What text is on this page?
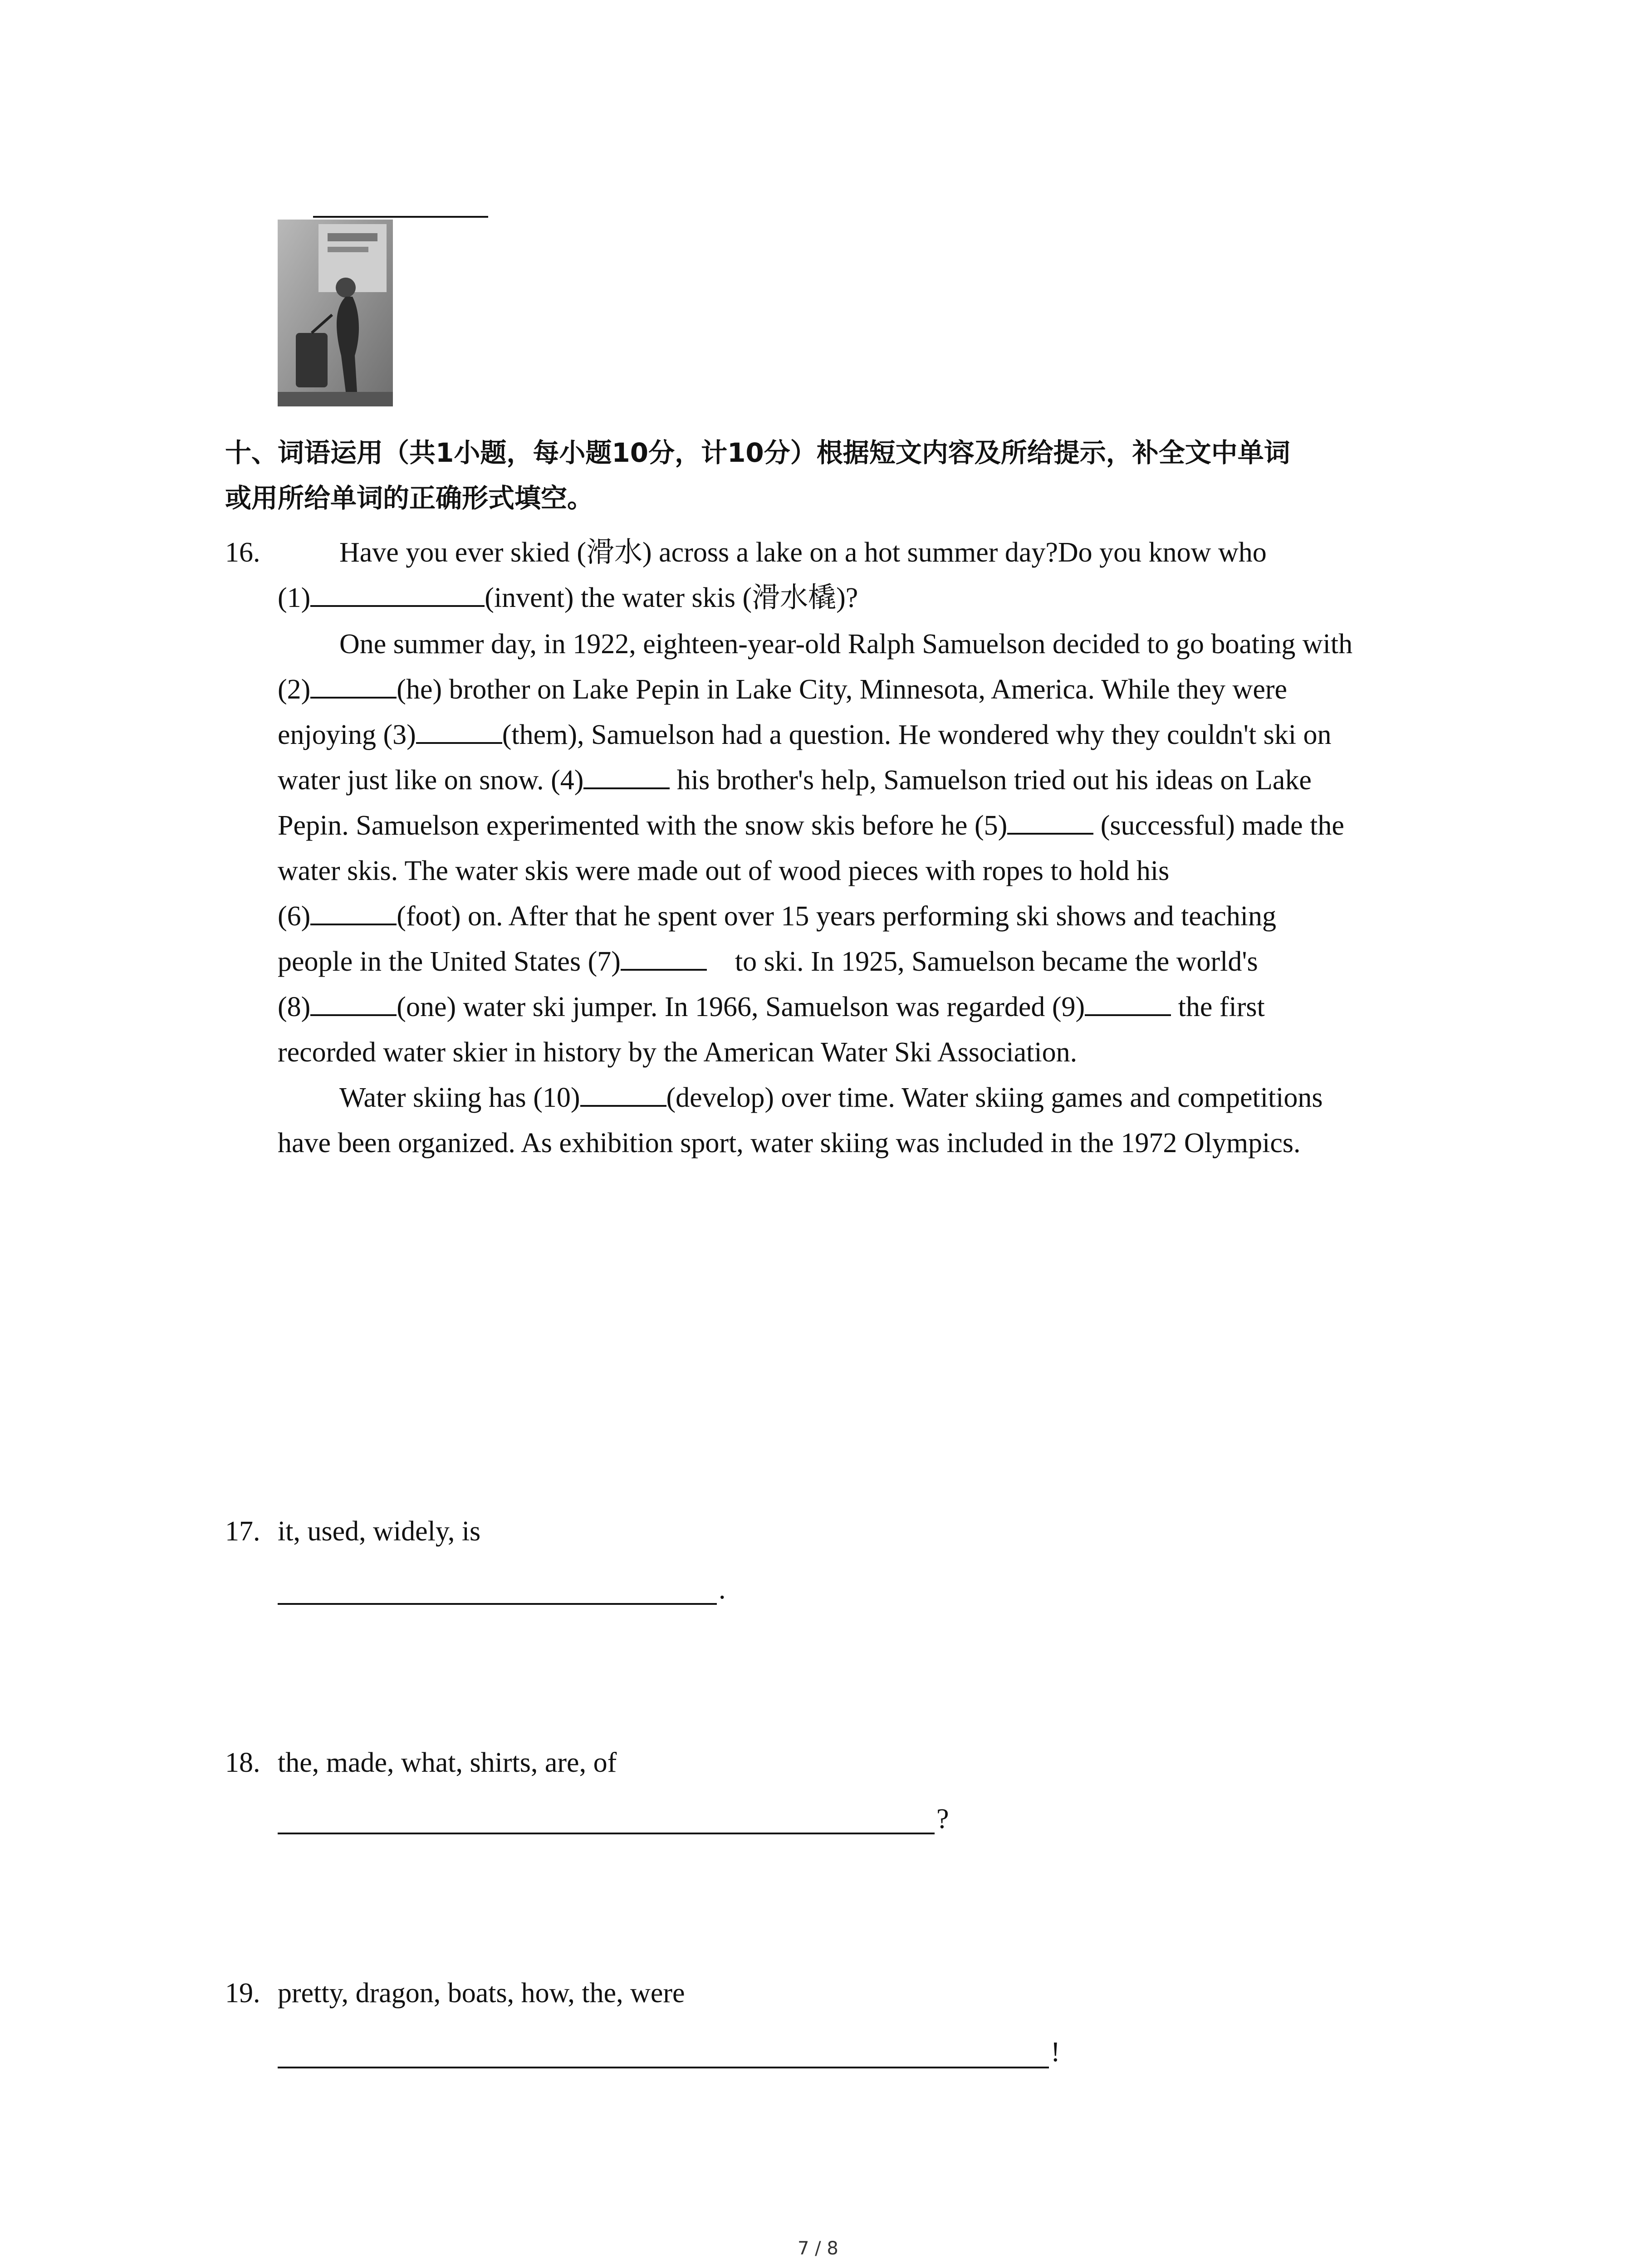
十、词语运用（共1小题，每小题10分，计10分）根据短文内容及所给提示，补全文中单词
或用所给单词的正确形式填空。
16.	Have you ever skied (滑水) across a lake on a hot summer day?Do you know who
(1)	(invent) the water skis (滑水橇)?
One summer day, in 1922, eighteen-year-old Ralph Samuelson decided to go boating with
(2)	(he) brother on Lake Pepin in Lake City, Minnesota, America. While they were
enjoying (3)	(them), Samuelson had a question. He wondered why they couldn't ski on
water just like on snow. (4)	his brother's help, Samuelson tried out his ideas on Lake
Pepin. Samuelson experimented with the snow skis before he (5)	(successful) made the
water skis. The water skis were made out of wood pieces with ropes to hold his
(6)	(foot) on. After that he spent over 15 years performing ski shows and teaching
people in the United States (7)	to ski. In 1925, Samuelson became the world's
(8)	(one) water ski jumper. In 1966, Samuelson was regarded (9)	the first
recorded water skier in history by the American Water Ski Association.
Water skiing has (10)	(develop) over time. Water skiing games and competitions
have been organized. As exhibition sport, water skiing was included in the 1972 Olympics.
17. it, used, widely, is
.
18. the, made, what, shirts, are, of
?
19. pretty, dragon, boats, how, the, were
!
7 / 8
